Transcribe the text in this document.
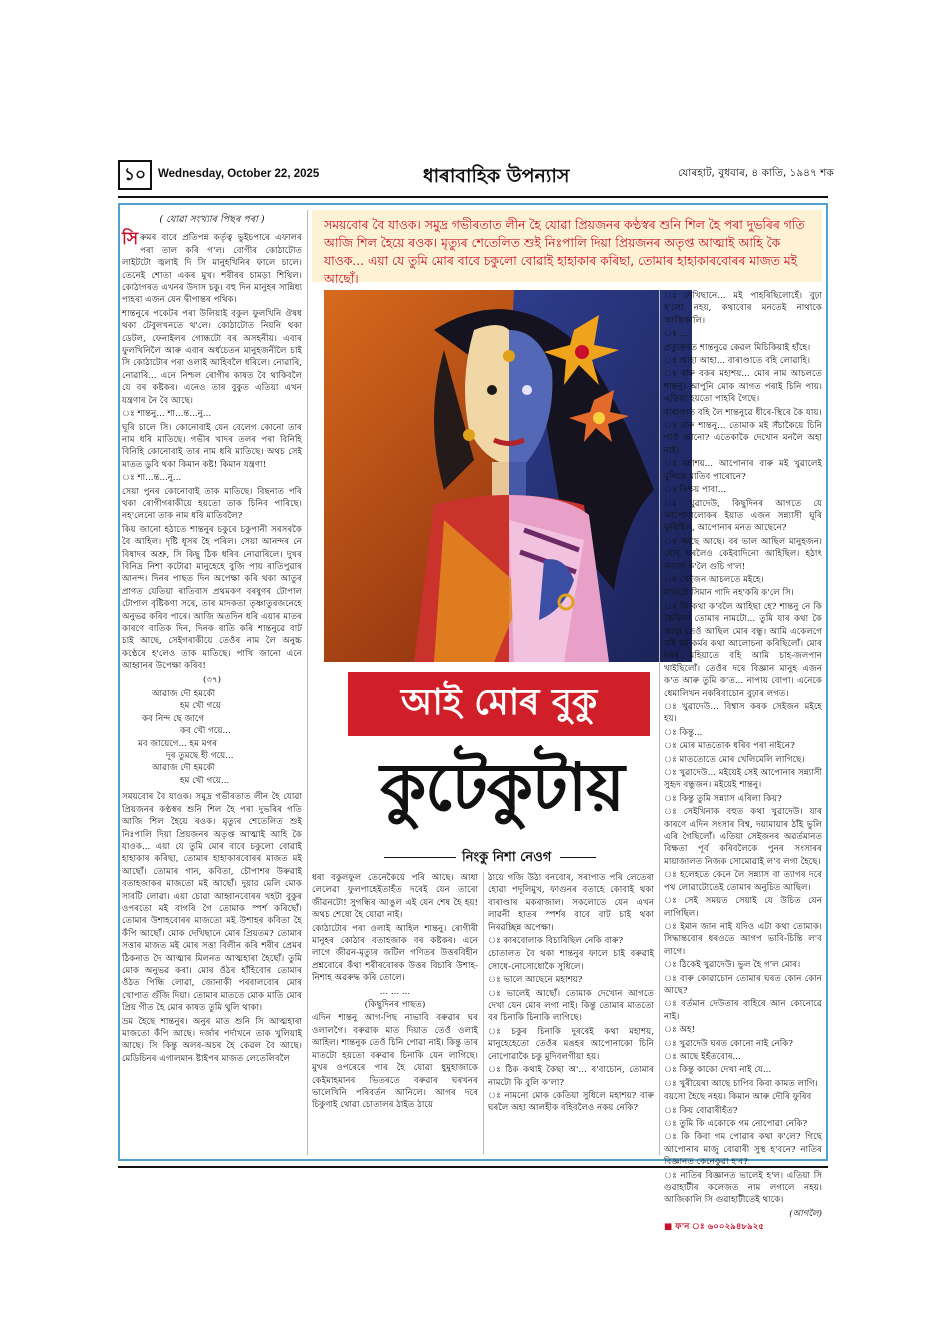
১০	Wednesday, October 22, 2025	ধাৰাবাহিক উপন্যাস	যোৰহাট, বুধবাৰ, ৪ কাতি, ১৯৪৭ শক
( যোৱা সংখ্যাৰ পিছৰ পৰা )

সিৰুমৰ বাবে প্ৰতিপন্ন কৰ্তৃত্ব ভুইচপাৰে এফালৰ পৰা তাল কৰি গ'ল। বোগীৰ কোঠাটোত লাইটটো জ্বলাই দি সি মানুহখিনিৰ ফালে চালে। তেনেই শোতা একৰ মুখ। শৰীৰৰ চামড়া শিথিল। কোঠাগৰত এখনৰ উদাস চকু। বহু দিন মানুহৰ সান্নিধ্য পাহৰা এজন যেন দ্বীপান্তৰ পথিক।

শান্তনুৰে পকেটৰ পৰা উলিয়াই বকুল ফুলখিনি ঔষধ থকা টেবুলখনতে থ'লে। কোঠাটোত নিয়নি থকা ডেটল, ফেনাইলৰ গোন্ধটো বৰ অসহনীয়। এবাৰ ফুলখিনিলৈ আৰু এবাৰ অৰ্ধচেতন মানুহজনীলৈ চাই সি কোঠাটোৰ পৰা ওলাই আহিবলৈ ধৰিলে। নোৱাৰি, নোৱাৰি... এনে নিশ্চল ৰোগীৰ কাষত বৈ থাকিবলৈ যে বৰ কষ্টকৰ। এনেও তাৰ বুকুত এতিয়া এখন যন্ত্ৰণাৰ নৈ বৈ আছে।

ঃ শান্তনু... শা...ন্ত...নু...

ঘূৰি চালে সি। কোনোবাই যেন বেলেগ কোনো তাৰ নাম ধৰি মাতিছে। গভীৰ খাদৰ তলৰ পৰা বিনিহি বিনিহি কোনোবাই তাৰ নাম ধৰি মাতিছে। অথচ সেই মাতত ডুবি থকা কিমান কষ্ট! কিমান যন্ত্ৰণা!

ঃ শা...ন্ত...নু...

সেয়া পুনৰ কোনোবাই তাক মাতিছে। বিছনাত পৰি থকা ৰোগীগৰাকীয়ে হয়তো তাক চিনিব পাৰিছে। নহ'লেনো তাক নাম ধৰি মাতিবলৈ?

কিয় জানো হঠাতে শান্তনুৰ চকুৰে চকুপানী সৰসৰকৈ বৈ আহিল। দৃষ্টি ধূসৰ হৈ পৰিল। সেয়া আনন্দৰ নে বিষাদৰ অশ্ৰু, সি কিছু ঠিক ধৰিব নোৱাৰিলে। দুখৰ বিনিদ্ৰ নিশা কটোৱা মানুহেহে বুজি পায় ৰাতিপুৱাৰ আনন্দ। দিনৰ পাছত দিন অপেক্ষা কৰি থকা আতুৰ প্ৰাণত যেতিয়া ৰাতিবাস প্ৰথমকণ বৰষুণৰ টোপাল টোপাল বৃষ্টিকণা সৰে, তাৰ মাদকতা তৃষ্ণাতুৰজনেহে অনুভৱ কৰিব পাৰে। আজি অতদিন ধৰি এয়াৰ মাতৰ কাৰণে বাতিক দিন, দিনক ৰাতি কৰি শান্তনুৱে বাট চাই আছে, সেইগৰাকীয়ে তেওঁৰ নাম লৈ অনুচ্চ কণ্ঠেৰে হ'লেও তাক মাতিছে। পাখি জানো এনে আহ্বানৰ উপেক্ষা কৰিব!

(৩৭)
আৱাজ দৌ হমকৌ
হম খৌ গয়ে
কব নিন্দ ছে জাগে
কব খৌ গয়ে...
মব জায়েগে... হম মগৰ
দূৰ তুমছে হী গয়ে...
আৱাজ দৌ হমকৌ
হম খৌ গয়ে...

সময়বোৰ বৈ যাওক। সমুদ্ৰ গভীৰতাত লীন হৈ যোৱা প্ৰিয়জনৰ কণ্ঠস্বৰ শুনি শিল হৈ পৰা দুভৰিৰ গতি আজি শিল হৈয়ে ৰওক। মৃত্যুৰ শেতেলিত শুই নিঃপালি দিয়া প্ৰিয়জনৰ অতৃপ্ত আত্মাই আহি কৈ যাওক... এয়া যে তুমি মোৰ বাবে চকুলো বোৱাই হাহাকাৰ কৰিছা, তোমাৰ হাহাকাৰবোৰৰ মাজত মই আছোঁ। তোমাৰ গান, কবিতা, চৌপাশৰ উৰুৱাই বতাহজাকৰ মাজতো মই আছোঁ। দুয়ার মেলি মোক সাবটি লোৱা। এয়া চোৱা আহ্বানবোৰৰ খহটা বুকুৰ ওপৰতো মই বাগৰি গৈ তোমাক স্পৰ্শ কৰিছোঁ। তোমাৰ উশাহবোৰৰ মাজতো মই উশাহৰ কবিতা হৈ কঁপি আছোঁ। মোক দেখিছানে মোৰ প্ৰিয়তম? তোমাৰ সত্তাৰ মাজত মই মোৰ সত্তা বিলীন কৰি শৰীৰ প্ৰেমৰ ঠিকনাত দৈ আত্মাৰ মিলনত আত্মহাৰা হৈছোঁ। তুমি মোক অনুভৱ কৰা। মোৰ ওঁঠৰ হাঁহিবোৰ তোমাৰ ওঁঠত পিন্ধি লোৱা, জোনাকী পৰবালবোৰ মোৰ খোপাত গুঁজি দিয়া। তোমাৰ মাততে মোক মাতি মোৰ প্ৰিয় গীত হৈ মোৰ কাষত তুমি থুলি থাকা।

ভ্ৰম হৈছে শান্তনুৰ। অনুৰ মাত শুনি সি আত্মহাৰা মাজতো কঁপি আছে। দৰ্জাৰ পৰ্দাখনে তাক খুলিয়াই আছে। সি কিন্তু অলৰ-অচৰ হৈ কেৱল বৈ আছে। মেডিচিনৰ এগালমান ষ্টাইপৰ মাজত লেতেলিবলৈ

সময়বোৰ বৈ যাওক। সমুদ্ৰ গভীৰতাত লীন হৈ যোৱা প্ৰিয়জনৰ কণ্ঠস্বৰ শুনি শিল হৈ পৰা দুভৰিৰ গতি আজি শিল হৈয়ে ৰওক। মৃত্যুৰ শেতেলিত শুই নিঃপালি দিয়া প্ৰিয়জনৰ অতৃপ্ত আত্মাই আহি কৈ যাওক... এয়া যে তুমি মোৰ বাবে চকুলো বোৱাই হাহাকাৰ কৰিছা, তোমাৰ হাহাকাৰবোৰৰ মাজত মই আছোঁ।
আই মোৰ বুকু
কুটেকুটায়
নিংকু নিশা নেওগ

ধৰা বকুলফুল তেনেকৈয়ে পৰি আছে। আধা লেলেৱা ফুলপাহেইতাহঁত দৰেই যেন তাৰো জীৱনটো! সুগন্ধিৰ আঙুল এই যেন শেষ হৈ হয়! অথচ শেষো হৈ যোৱা নাই।

কোঠাটোৰ পৰা ওলাই আহিল শান্তনু। ৰোগীৰী মানুহৰ কোঠাৰ বতাহজাক বৰ কষ্টকৰ। এনে লাগে জীৱন-মৃত্যুৰ জটিল গণিতৰ উত্তৰবিহীন প্ৰশ্নবোৰে কঁথা শৰীৰবোৰক উত্তৰ বিচাৰি উশাহ-নিশাহ অৱৰুদ্ধ কৰি তোলে।

... ... ...

(কিছুদিনৰ পাছত)

এদিন শান্তনু আগ-পিছ নাভাবি বৰুৱাৰ ঘৰ ওলালগৈ। বৰুৱাক মাত দিয়াত তেওঁ ওলাই আহিল। শান্তনুক তেওঁ চিনি পোৱা নাই। কিন্তু তাৰ মাতটো হয়তো বৰুৱাৰ চিনাকি যেন লাগিছে। মুখৰ ওপৰেৰে পাৰ হৈ যোৱা ধুমুহাজাকে কেইমাহমানৰ ভিতৰতে বৰুৱাৰ ঘৰখনৰ ভালেখিনি পৰিবৰ্তন আনিলে। আগৰ দৰে চিকুণাই থোৱা চোতালৰ ঠাইত ঠায়ে

ঠায়ে গজি উঠা বনবোৰ, সৰাপাত পৰি লেতেৰা হোৱা পদূলিমুখ, ফাগুনৰ বতাহে কোবাই থকা বাৰাণ্ডাৰ মকৰাজাল। সকলোতে যেন এখন লাৱনী হাতৰ স্পৰ্শৰ বাবে বাট চাই থকা নিৰৱচ্ছিন্ন অপেক্ষা।

ঃ কাৰবোলাক বিচাৰিছিল নেকি বাৰু?

চোতালত বৈ থকা শান্তনুৰ ফালে চাই বৰুৱাই সোধে-নোসোধোকৈ সুধিলে।

ঃ ভালে আছেনে মহাশয়?

ঃ ভালেই আছোঁ। তোমাক দেখোন আগতে দেখা যেন মোৰ লগা নাই। কিন্তু তোমাৰ মাততো বৰ চিনাকি চিনাকি লাগিছে।

ঃ চকুৰ চিনাকি দুৰৰেই কথা মহাশয়, মানুহেহেতো তেওঁৰ মঙহৰ আপোনাকো চিনি নোপোৱাকৈ চকু মুদিবলগীয়া হয়।

ঃ ঠিক কথাই কৈছা অ'... ৰ'বাচোন, তোমাৰ নামটো কি বুলি ক'লা?

ঃ নামনো মোক কেতিয়া সুধিলে মহাশয়? বাৰু ঘৰলৈ অহা আলহীক বহিবলৈও নকয় নেকি?

ঃ দেখিছানে... মই পাহৰিছিলোহেঁ। বুঢ়া হ'লো নহয়, কথাবোৰ মনতেই নাথাকে আজিকালি।

ঃ ...

প্ৰত্যুত্তৰত শান্তনুৱে কেৱল মিচিকিয়াই হাঁহে।

ঃ আহা আহা... বাৰাণ্ডাতে বহি লোৱাহি।

ঃ বাৰু বকৰ মহাশয়... মোৰ নাম আচলতে শান্তনু। আপুনি মোক আগত পৰাই চিনি পায়। এতিয়া হয়তো পাহৰি গৈছে।

বাৰাণ্ডাত বহি লৈ শান্তনুৱে ধীৰে-স্থিৰে কৈ যায়।

ঃ বাৰু শান্তনু... তোমাক মই সঁচাকৈয়ে চিনি পাওঁ জানো? এতেকাকৈ দেখোন মনলৈ অহা নাই।

ঃ মহাশয়... আপোনাৰ বাৰু মই খুৱালেই বুলিয়ে মাতিব পাৰোনে?

ঃ নিশ্চয় পাবা...

ঃ খুৱাদেউ, কিছুদিনৰ আগতে যে আপোনালোকৰ ইয়াত এজন সন্ন্যাসী ঘূৰি ফুৰিছিল, আপোনাৰ মনত আছেনে?

ঃ আছে আছে। বৰ ভাল আছিল মানুহজন। মোৰ ঘৰলৈও কেইবাদিনো আহিছিল। হঠাৎ জানো ক'লৈ গুচি গ'ল!

ঃ সেইজন আচলতে মইহে।

মাতটো সিমান গাদি নহ'কৰি ক'লে সি।

ঃ কি কথা ক'বলৈ আহিছা হে? শান্তনু নে কি কৈছিলা তোমাৰ নামটো... তুমি যাৰ কথা কৈ আছা তেওঁ আছিল মোৰ বন্ধু। আমি একেলগে বহি ধৰ্ম-কৰ্মৰ কথা আলোচনা কৰিছিলোঁ। মোৰ ঘৰৰ মহিয়াতে বহি আমি চাহ-জলপান খাইছিলোঁ। তেওঁৰ দৰে বিজ্ঞান মানুহ এজন ক'ত আৰু তুমি ক'ত... নাপায় বোপা। এনেকে ধেমালিখন নকৰিবাচোন বুঢ়াৰ লগত।

ঃ খুৱাদেউ... বিশ্বাস কৰক সেইজন মইহে হয়।

ঃ কিন্তু...

ঃ মোৰ মাততোক ধৰিব পৰা নাইনে?

ঃ মাততোতে মোৰ খেলিমেলি লাগিছে।

ঃ খুৱাদেউ... মইয়েই সেই আপোনাৰ সন্ন্যাসী সুহৃদ বন্ধুজন। মইয়েই শান্তনু।

ঃ কিন্তু তুমি সন্ন্যাস এৰিলা কিয়?

ঃ সেইখিনাক বহুত কথা খুৱাদেউ। যাৰ কাৰণে এদিন সংসাৰ বিশ্ব, দয়ামায়াৰ ঠাঁই ভুলি এৰি গৈছিলোঁ। এতিয়া সেইজনৰ অৱৰ্তমানত বিক্ষতা পূৰ্ব কৰিবলৈকে পুনৰ সংসাৰৰ মায়াজালত নিজক সোমোৱাই ল'ব লগা হৈছে।

ঃ হলেহতে কেনে লৈ সন্ন্যাস বা ত্যাগৰ দৰে পথ লোৱাটোতেই তোমাৰ অনুচিত আছিল।

ঃ সেই সময়ত সেয়াই যে উচিত যেন লাগিছিল।

ঃ ইমান জান নাই যদিও এটা কথা তোমাক। সিদ্ধান্তবোৰ ধৰওতে আগপ ভাবি-চিন্তি ল'ব লাগে।

ঃ ঠিকেই খুৱাদেউ। ভুল হৈ গ'ল মোৰ।

ঃ বাৰু কোৱাচোন তোমাৰ ঘৰত কোন কোন আছে?

ঃ বৰ্তমান দেউতাৰ বাহিৰে আন কোনোৱে নাই।

ঃ অহ!

ঃ খুৱাদেউ ঘৰত কোনো নাই নেকি?

ঃ আছে ইহঁতবোৰ...

ঃ কিন্তু কাকো দেখা নাই যে...

ঃ খুৰীয়েৰা আছে চাপিব কিবা কামত লাগি।

বয়সো হৈছে নহয়। কিমান আৰু দৌৰি ফুৰিব

ঃ কিয় বোৱাৰীহঁত?

ঃ তুমি কি একোকে গম নোপোৱা নেকি?

ঃ কি কিবা গম পোৱাৰ কথা ক'লে? গিছে আপোনাৰ মাজু বোৱাৰী সুস্থ হ'বনে? নাতিৰ বিজ্ঞানত কেনেকুৱা হ'ব?

ঃ নাতিৰ বিজ্ঞানত ভালেই হ'ল। এতিয়া সি গুৱাহাটীৰ কলেজত নাম লগালে নহয়। আজিকালি সি গুৱাহাটীতেই থাকে।

(আগলৈ)

■ ফ'ন ঃ ৬০০২৯৪৮৯২৫
